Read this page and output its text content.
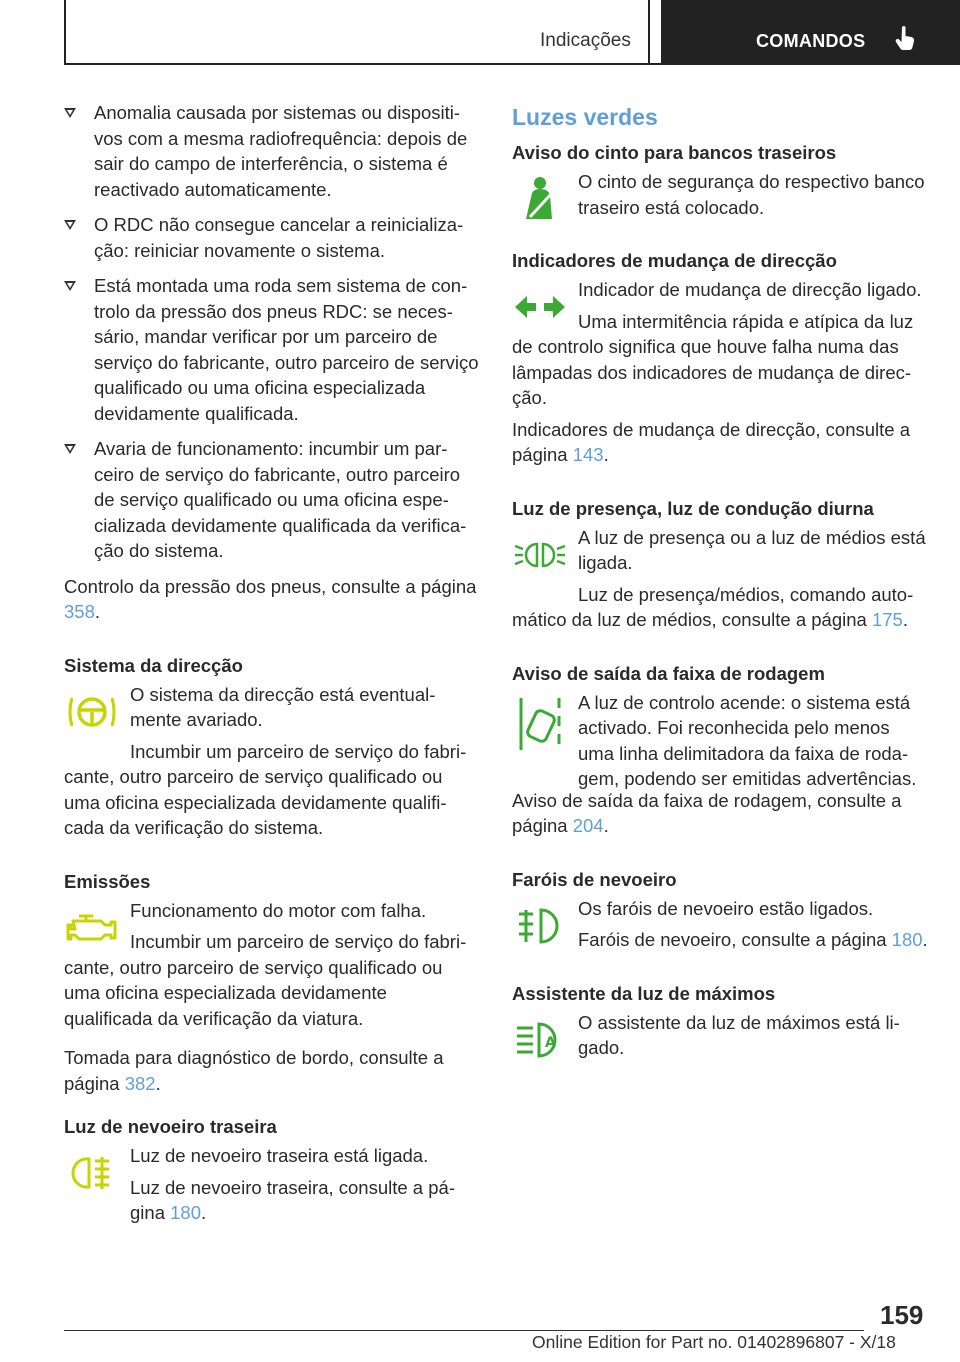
Indicações	COMANDOS

Anomalia causada por sistemas ou dispositivos com a mesma radiofrequência: depois de sair do campo de interferência, o sistema é reactivado automaticamente.

O RDC não consegue cancelar a reinicialização: reiniciar novamente o sistema.

Está montada uma roda sem sistema de controlo da pressão dos pneus RDC: se necessário, mandar verificar por um parceiro de serviço do fabricante, outro parceiro de serviço qualificado ou uma oficina especializada devidamente qualificada.

Avaria de funcionamento: incumbir um parceiro de serviço do fabricante, outro parceiro de serviço qualificado ou uma oficina especializada devidamente qualificada da verificação do sistema.

Controlo da pressão dos pneus, consulte a página 358.

Sistema da direcção

O sistema da direcção está eventualmente avariado.

Incumbir um parceiro de serviço do fabricante, outro parceiro de serviço qualificado ou uma oficina especializada devidamente qualificada da verificação do sistema.

Emissões

Funcionamento do motor com falha.

Incumbir um parceiro de serviço do fabricante, outro parceiro de serviço qualificado ou uma oficina especializada devidamente qualificada da verificação da viatura.

Tomada para diagnóstico de bordo, consulte a página 382.

Luz de nevoeiro traseira

Luz de nevoeiro traseira está ligada.

Luz de nevoeiro traseira, consulte a página 180.

Luzes verdes
Aviso do cinto para bancos traseiros

O cinto de segurança do respectivo banco traseiro está colocado.

Indicadores de mudança de direcção

Indicador de mudança de direcção ligado.

Uma intermitência rápida e atípica da luz de controlo significa que houve falha numa das lâmpadas dos indicadores de mudança de direcção.

Indicadores de mudança de direcção, consulte a página 143.

Luz de presença, luz de condução diurna

A luz de presença ou a luz de médios está ligada.

Luz de presença/médios, comando automático da luz de médios, consulte a página 175.

Aviso de saída da faixa de rodagem

A luz de controlo acende: o sistema está activado. Foi reconhecida pelo menos uma linha delimitadora da faixa de rodagem, podendo ser emitidas advertências.

Aviso de saída da faixa de rodagem, consulte a página 204.

Faróis de nevoeiro

Os faróis de nevoeiro estão ligados.

Faróis de nevoeiro, consulte a página 180.

Assistente da luz de máximos
A

O assistente da luz de máximos está ligado.

159
Online Edition for Part no. 01402896807 - X/18
